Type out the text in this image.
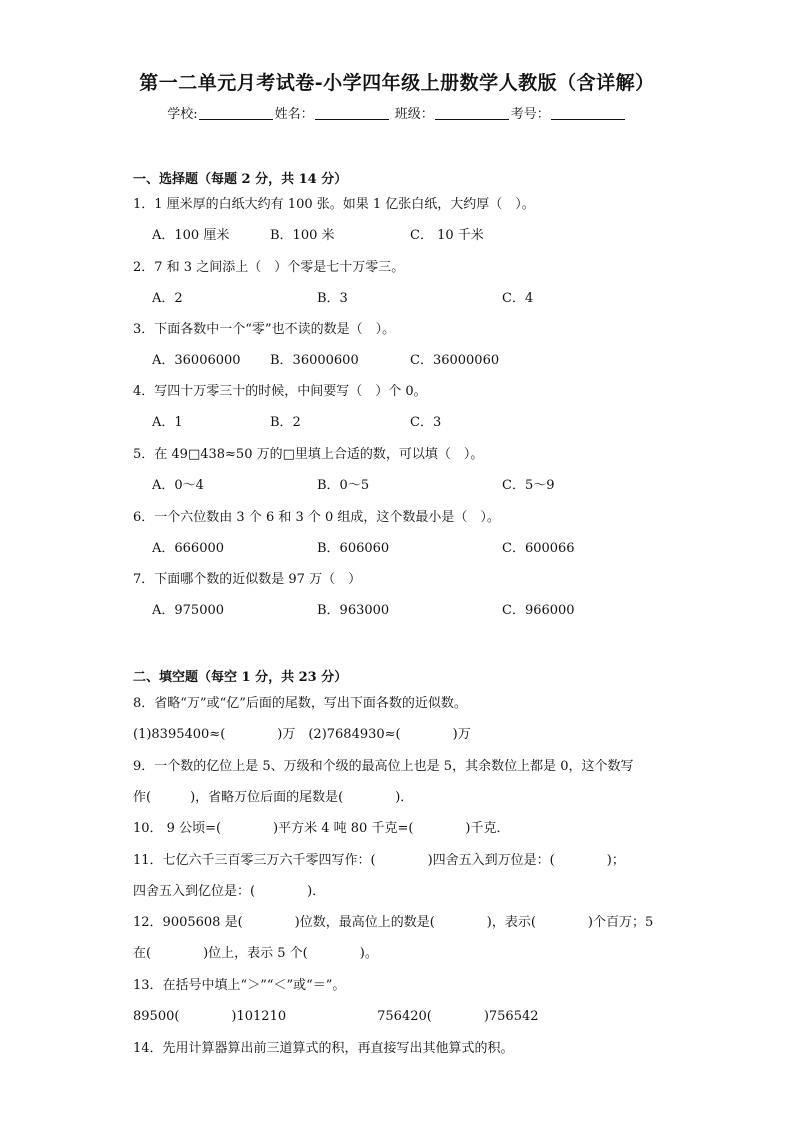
第一二单元月考试卷-小学四年级上册数学人教版（含详解）
学校:	姓名：	班级：	考号：
一、选择题（每题 2 分，共 14 分）
1．1 厘米厚的白纸大约有 100 张。如果 1 亿张白纸，大约厚（　）。
A．100 厘米	B．100 米	C． 10 千米
2．7 和 3 之间添上（　）个零是七十万零三。
A．2	B．3	C．4
3．下面各数中一个“零”也不读的数是（　）。
A．36006000 B．36000600	C．36000060
4．写四十万零三十的时候，中间要写（　）个 0。
A．1	B．2	C．3
5．在 49□438≈50 万的□里填上合适的数，可以填（　）。
A．0～4	B．0～5	C．5～9
6．一个六位数由 3 个 6 和 3 个 0 组成，这个数最小是（　）。
A．666000	B．606060	C．600066
7．下面哪个数的近似数是 97 万（　）
A．975000	B．963000	C．966000
二、填空题（每空 1 分，共 23 分）
8．省略“万”或“亿”后面的尾数，写出下面各数的近似数。
(1)8395400≈(　　　　)万　(2)7684930≈(　　　　)万
9．一个数的亿位上是 5、万级和个级的最高位上也是 5，其余数位上都是 0，这个数写
作(　　　)，省略万位后面的尾数是(　　　　)．
10． 9 公顷=(　　　　)平方米 4 吨 80 千克=(　　　　)千克．
11．七亿六千三百零三万六千零四写作：(　　　　)四舍五入到万位是：(　　　　)；
四舍五入到亿位是：(　　　　)．
12．9005608 是(　　　　)位数，最高位上的数是(　　　　)，表示(　　　　)个百万；5
在(　　　　)位上，表示 5 个(　　　　)。
13．在括号中填上“＞”“＜”或“＝”。
89500(　　　　)101210　　　　　　　756420(　　　　)756542
14．先用计算器算出前三道算式的积，再直接写出其他算式的积。
